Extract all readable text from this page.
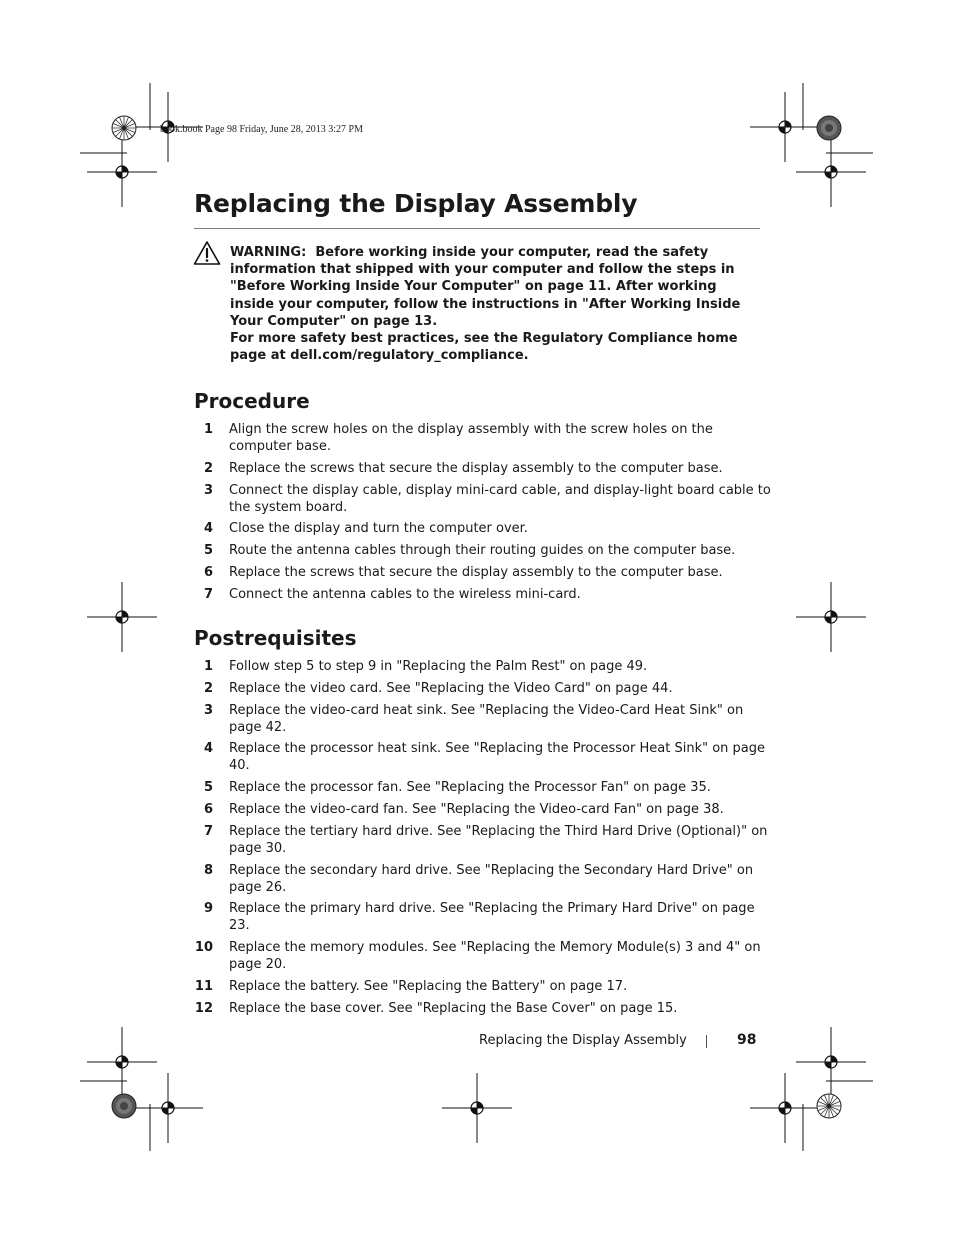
book.book Page 98 Friday, June 28, 2013 3:27 PM
Replacing the Display Assembly

WARNING: Before working inside your computer, read the safety information that shipped with your computer and follow the steps in "Before Working Inside Your Computer" on page 11. After working inside your computer, follow the instructions in "After Working Inside Your Computer" on page 13.

For more safety best practices, see the Regulatory Compliance home page at dell.com/regulatory_compliance.

Procedure
1 Align the screw holes on the display assembly with the screw holes on the computer base.
2 Replace the screws that secure the display assembly to the computer base.
3 Connect the display cable, display mini-card cable, and display-light board cable to the system board.
4 Close the display and turn the computer over.
5 Route the antenna cables through their routing guides on the computer base.
6 Replace the screws that secure the display assembly to the computer base.
7 Connect the antenna cables to the wireless mini-card.
Postrequisites
1 Follow step 5 to step 9 in "Replacing the Palm Rest" on page 49.
2 Replace the video card. See "Replacing the Video Card" on page 44.
3 Replace the video-card heat sink. See "Replacing the Video-Card Heat Sink" on page 42.
4 Replace the processor heat sink. See "Replacing the Processor Heat Sink" on page 40.
5 Replace the processor fan. See "Replacing the Processor Fan" on page 35.
6 Replace the video-card fan. See "Replacing the Video-card Fan" on page 38.
7 Replace the tertiary hard drive. See "Replacing the Third Hard Drive (Optional)" on page 30.
8 Replace the secondary hard drive. See "Replacing the Secondary Hard Drive" on page 26.
9 Replace the primary hard drive. See "Replacing the Primary Hard Drive" on page 23.
10 Replace the memory modules. See "Replacing the Memory Module(s) 3 and 4" on page 20.
11 Replace the battery. See "Replacing the Battery" on page 17.
12 Replace the base cover. See "Replacing the Base Cover" on page 15.
Replacing the Display Assembly	98
